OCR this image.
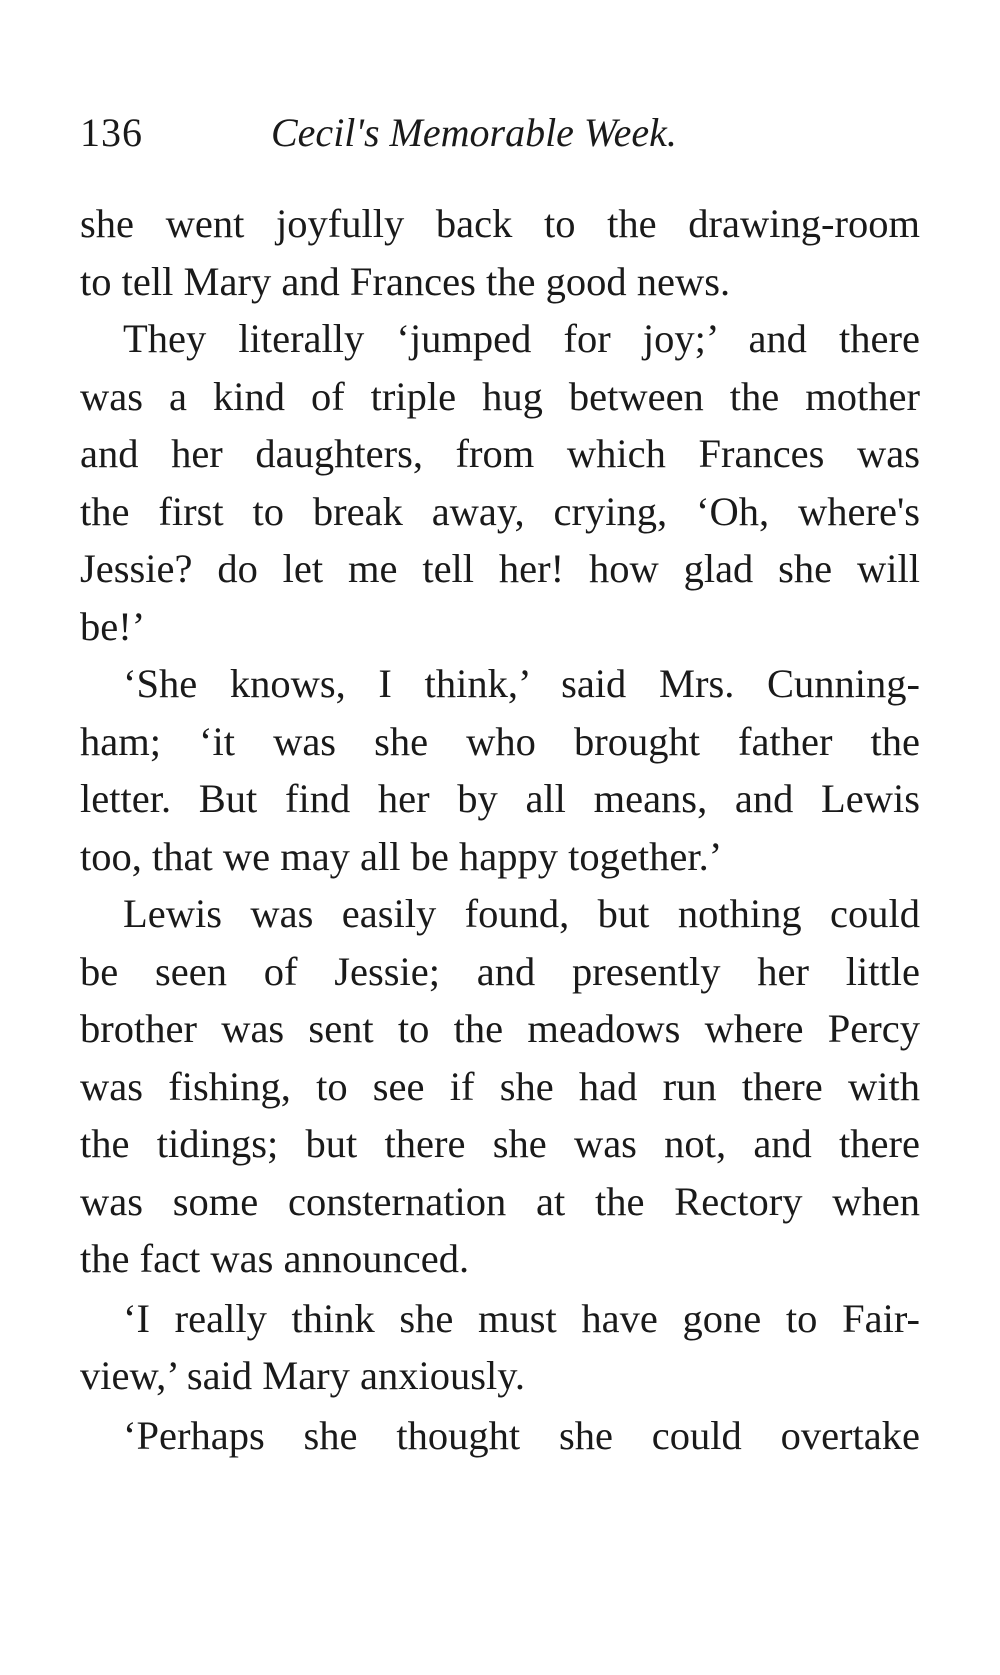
136	Cecil's Memorable Week.
she went joyfully back to the drawing-room
to tell Mary and Frances the good news.
They literally ‘jumped for joy;’ and there
was a kind of triple hug between the mother
and her daughters, from which Frances was
the first to break away, crying, ‘Oh, where's
Jessie? do let me tell her! how glad she will
be!’
‘She knows, I think,’ said Mrs. Cunning-
ham; ‘it was she who brought father the
letter. But find her by all means, and Lewis
too, that we may all be happy together.’
Lewis was easily found, but nothing could
be seen of Jessie; and presently her little
brother was sent to the meadows where Percy
was fishing, to see if she had run there with
the tidings; but there she was not, and there
was some consternation at the Rectory when
the fact was announced.
‘I really think she must have gone to Fair-
view,’ said Mary anxiously.
‘Perhaps she thought she could overtake
